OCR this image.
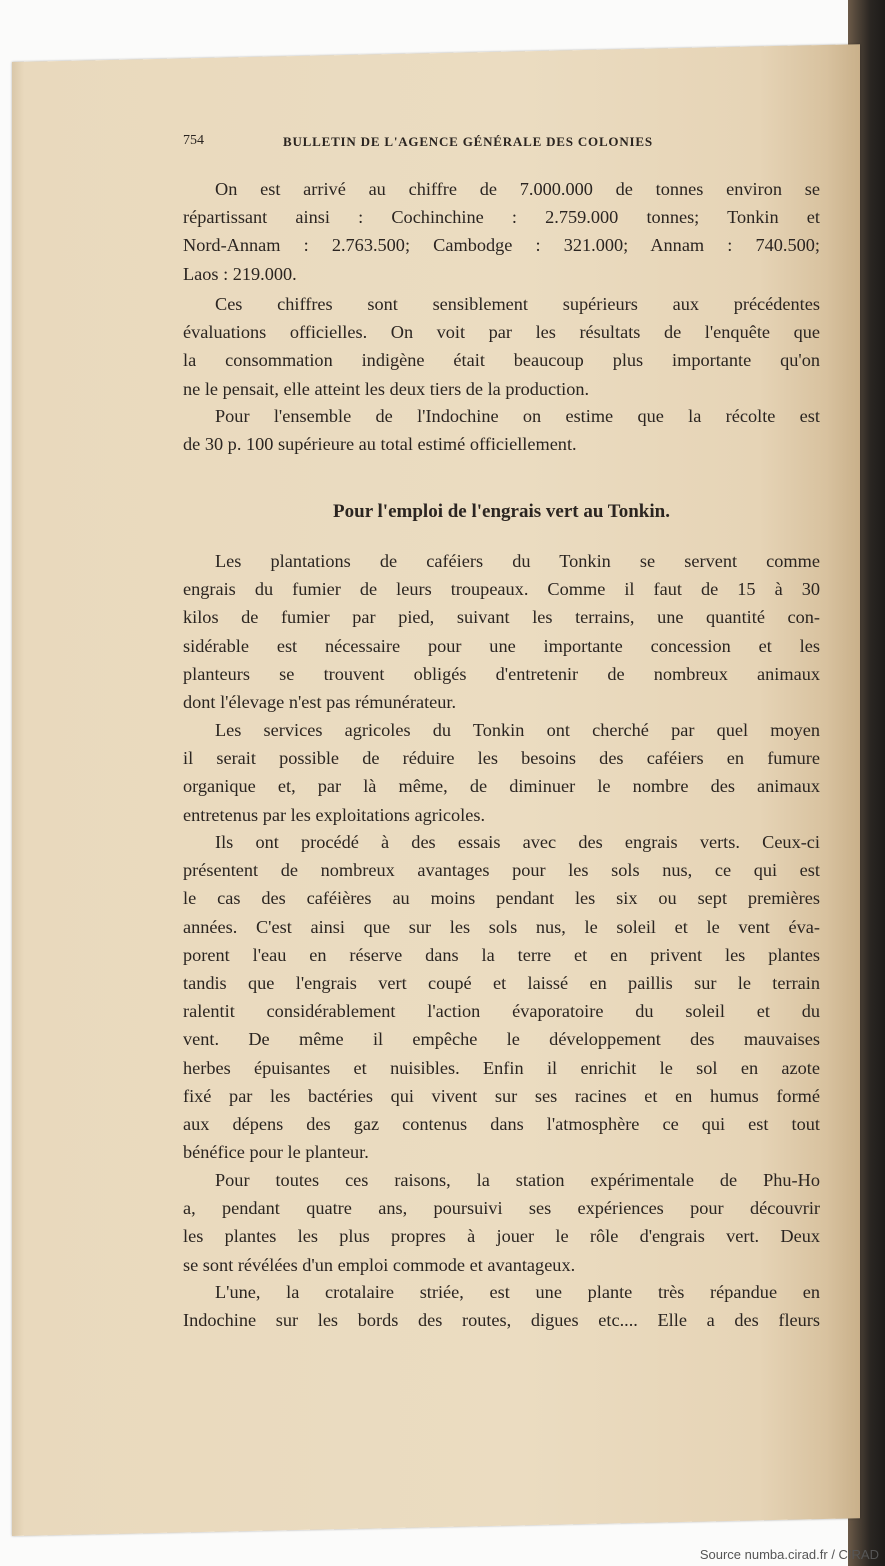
754	BULLETIN DE L'AGENCE GÉNÉRALE DES COLONIES
Pour l'emploi de l'engrais vert au Tonkin.
Source numba.cirad.fr / CIRAD
On est arrivé au chiffre de 7.000.000 de tonnes environ se
répartissant ainsi : Cochinchine : 2.759.000 tonnes; Tonkin et
Nord-Annam : 2.763.500; Cambodge : 321.000; Annam : 740.500;
Laos : 219.000.
Ces chiffres sont sensiblement supérieurs aux précédentes
évaluations officielles. On voit par les résultats de l'enquête que
la consommation indigène était beaucoup plus importante qu'on
ne le pensait, elle atteint les deux tiers de la production.
Pour l'ensemble de l'Indochine on estime que la récolte est
de 30 p. 100 supérieure au total estimé officiellement.
Les plantations de caféiers du Tonkin se servent comme
engrais du fumier de leurs troupeaux. Comme il faut de 15 à 30
kilos de fumier par pied, suivant les terrains, une quantité con-
sidérable est nécessaire pour une importante concession et les
planteurs se trouvent obligés d'entretenir de nombreux animaux
dont l'élevage n'est pas rémunérateur.
Les services agricoles du Tonkin ont cherché par quel moyen
il serait possible de réduire les besoins des caféiers en fumure
organique et, par là même, de diminuer le nombre des animaux
entretenus par les exploitations agricoles.
Ils ont procédé à des essais avec des engrais verts. Ceux-ci
présentent de nombreux avantages pour les sols nus, ce qui est
le cas des caféières au moins pendant les six ou sept premières
années. C'est ainsi que sur les sols nus, le soleil et le vent éva-
porent l'eau en réserve dans la terre et en privent les plantes
tandis que l'engrais vert coupé et laissé en paillis sur le terrain
ralentit considérablement l'action évaporatoire du soleil et du
vent. De même il empêche le développement des mauvaises
herbes épuisantes et nuisibles. Enfin il enrichit le sol en azote
fixé par les bactéries qui vivent sur ses racines et en humus formé
aux dépens des gaz contenus dans l'atmosphère ce qui est tout
bénéfice pour le planteur.
Pour toutes ces raisons, la station expérimentale de Phu-Ho
a, pendant quatre ans, poursuivi ses expériences pour découvrir
les plantes les plus propres à jouer le rôle d'engrais vert. Deux
se sont révélées d'un emploi commode et avantageux.
L'une, la crotalaire striée, est une plante très répandue en
Indochine sur les bords des routes, digues etc.... Elle a des fleurs
